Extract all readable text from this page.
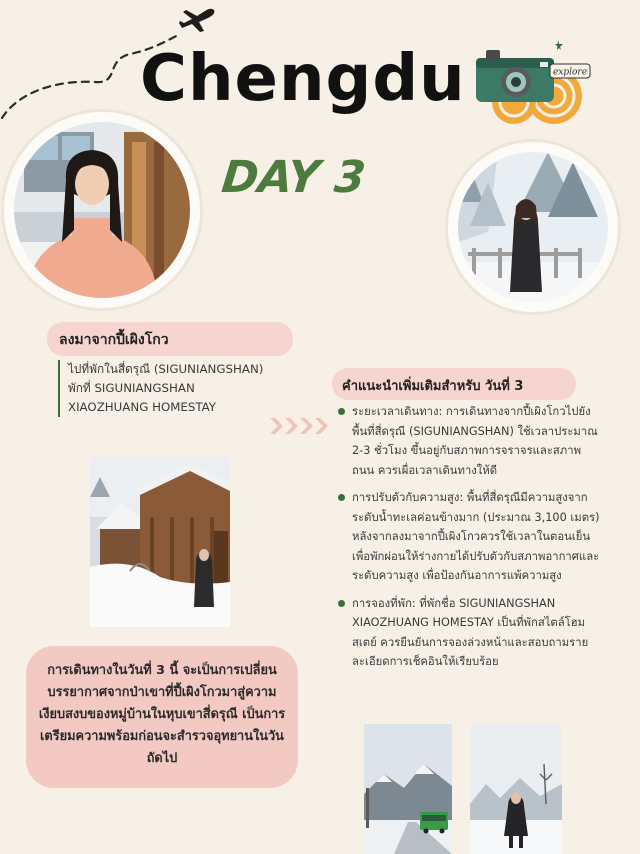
Chengdu
DAY 3
explore
ลงมาจากปี้เผิงโกว
ไปที่พักในสี่ดรุณี (SIGUNIANGSHAN) พักที่ SIGUNIANGSHAN XIAOZHUANG HOMESTAY
คำแนะนำเพิ่มเติมสำหรับ วันที่ 3
ระยะเวลาเดินทาง: การเดินทางจากปี้เผิงโกวไปยังพื้นที่สี่ดรุณี (SIGUNIANGSHAN) ใช้เวลาประมาณ 2-3 ชั่วโมง ขึ้นอยู่กับสภาพการจราจรและสภาพถนน ควรเผื่อเวลาเดินทางให้ดี
การปรับตัวกับความสูง: พื้นที่สี่ดรุณีมีความสูงจากระดับน้ำทะเลค่อนข้างมาก (ประมาณ 3,100 เมตร) หลังจากลงมาจากปี้เผิงโกวควรใช้เวลาในตอนเย็นเพื่อพักผ่อนให้ร่างกายได้ปรับตัวกับสภาพอากาศและระดับความสูง เพื่อป้องกันอาการแพ้ความสูง
การจองที่พัก: ที่พักชื่อ SIGUNIANGSHAN XIAOZHUANG HOMESTAY เป็นที่พักสไตล์โฮมสเตย์ ควรยืนยันการจองล่วงหน้าและสอบถามรายละเอียดการเช็คอินให้เรียบร้อย
การเดินทางในวันที่ 3 นี้ จะเป็นการเปลี่ยนบรรยากาศจากป่าเขาที่ปี้เผิงโกวมาสู่ความเงียบสงบของหมู่บ้านในหุบเขาสี่ดรุณี เป็นการเตรียมความพร้อมก่อนจะสำรวจอุทยานในวันถัดไป
